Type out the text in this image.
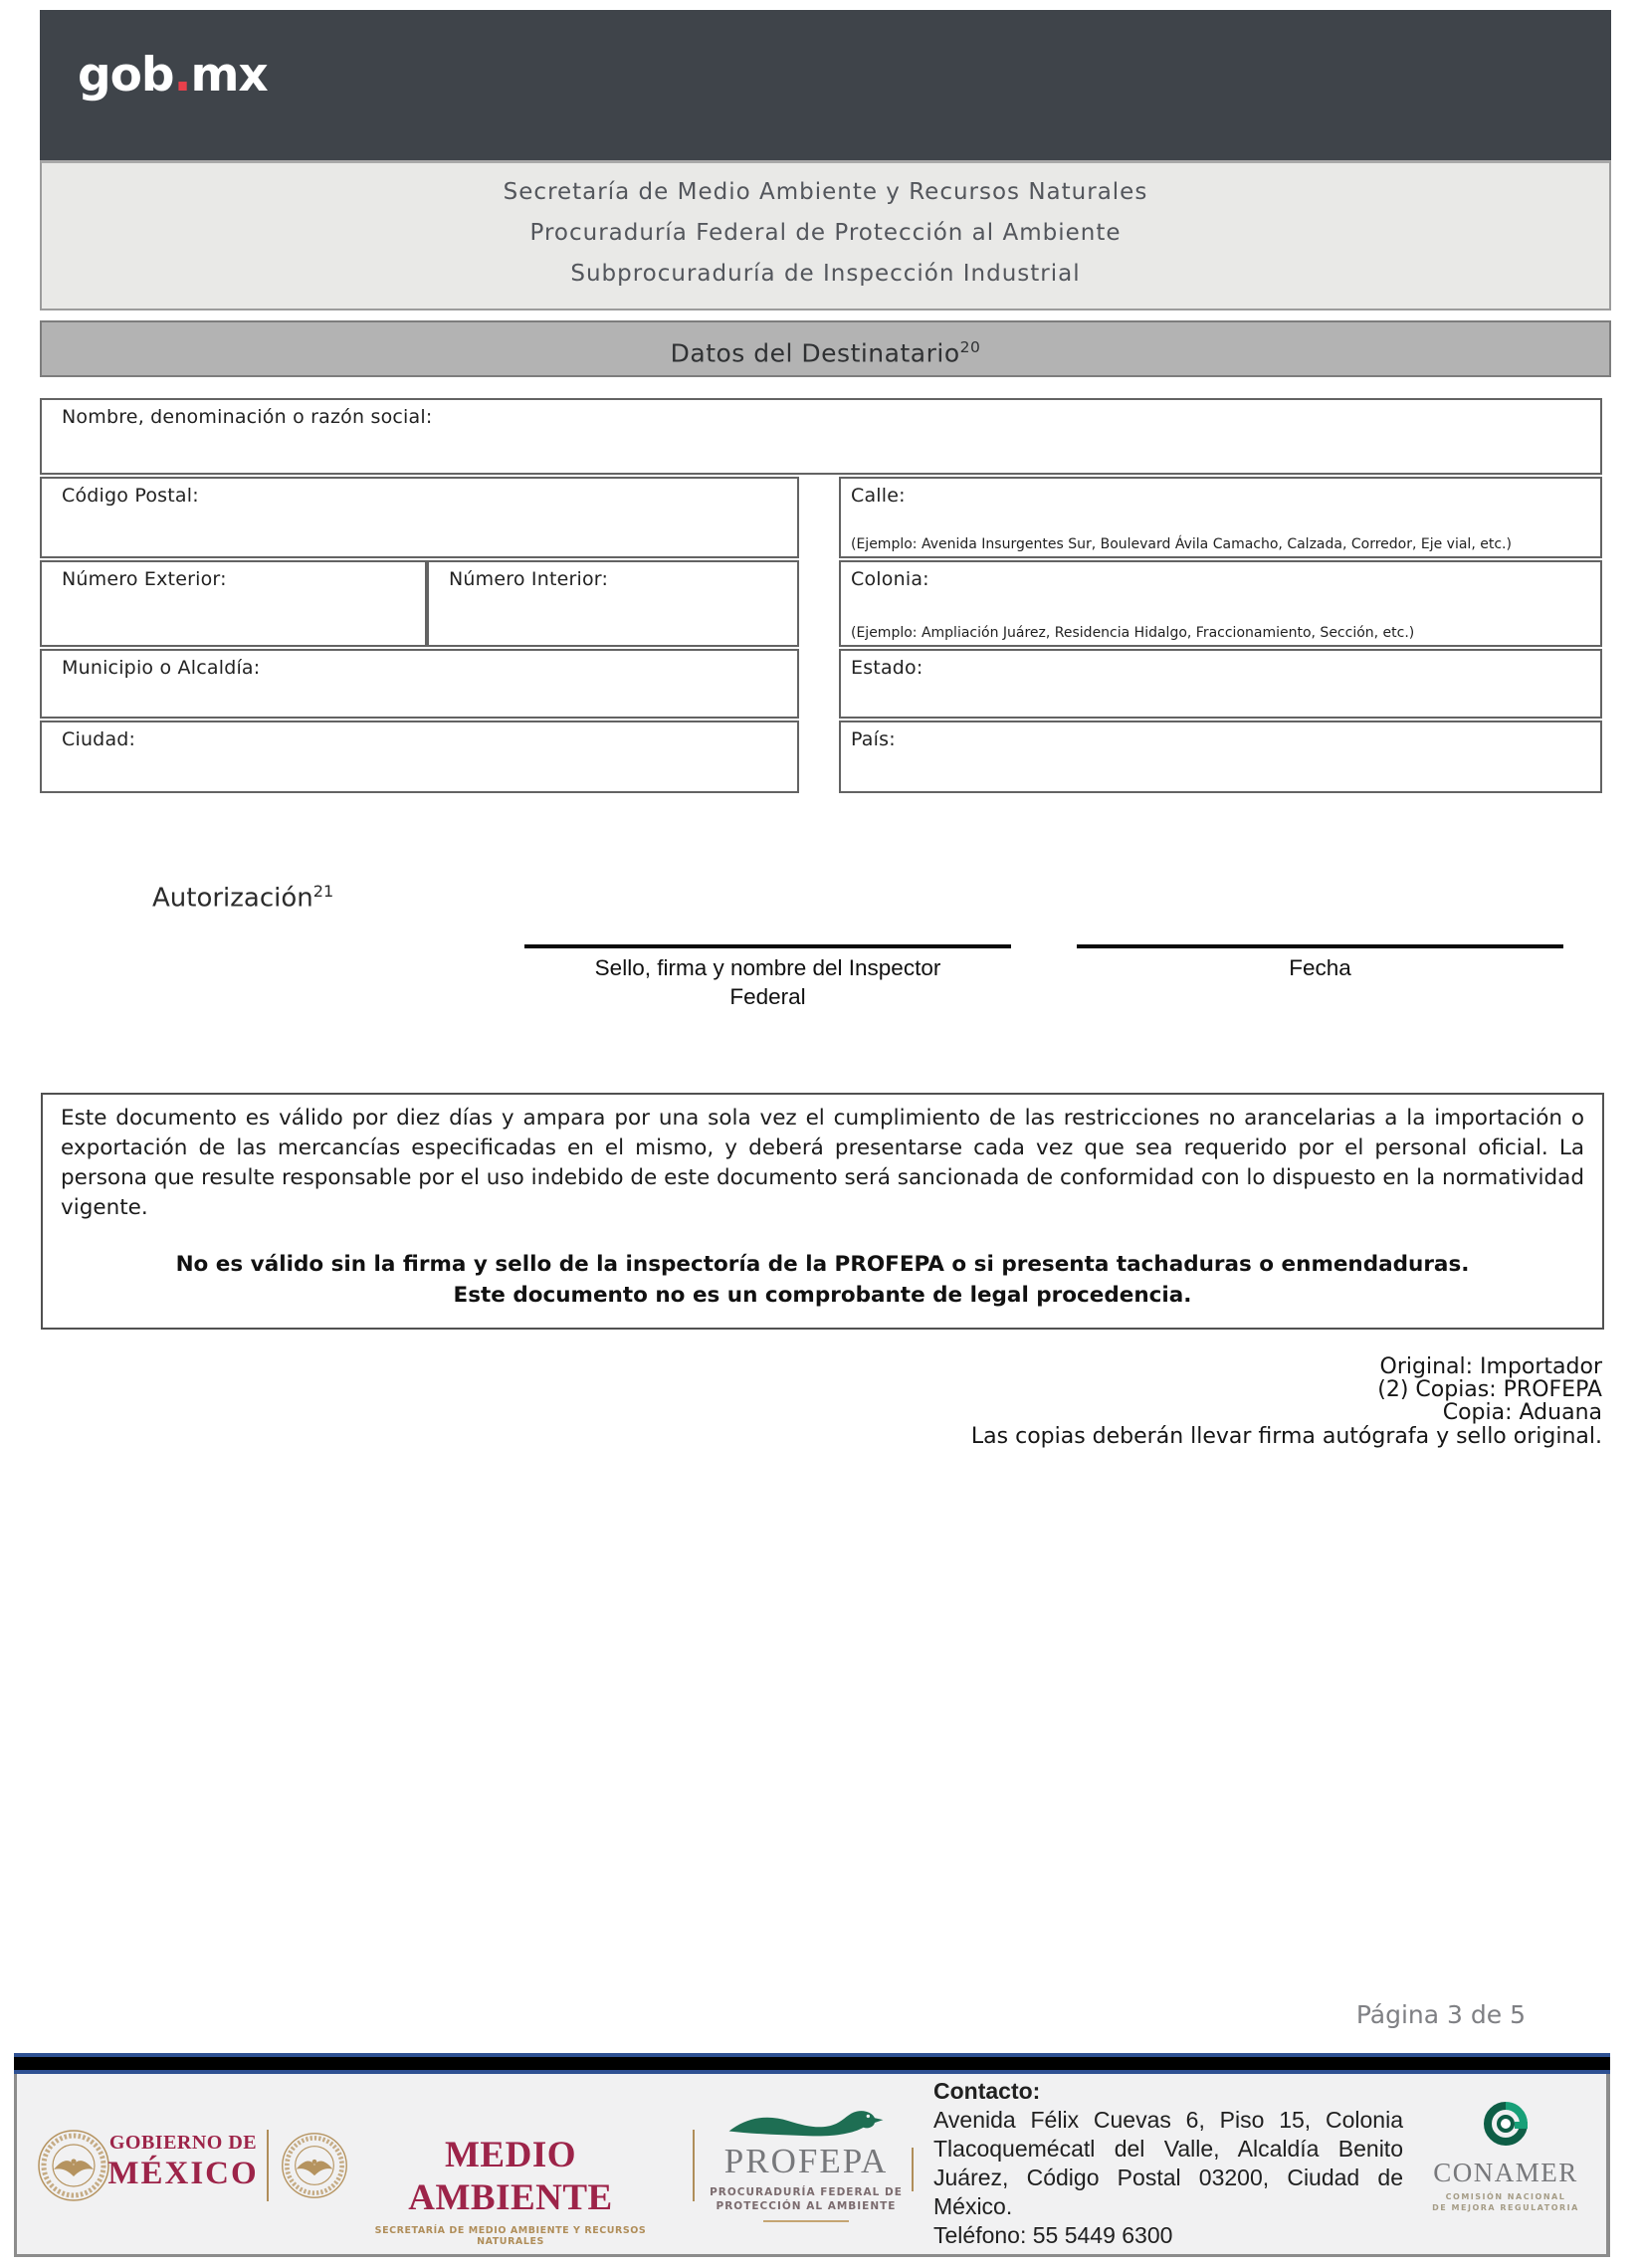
gob.mx
Secretaría de Medio Ambiente y Recursos Naturales
Procuraduría Federal de Protección al Ambiente
Subprocuraduría de Inspección Industrial
Datos del Destinatario$^{20}$
Nombre, denominación o razón social:
Código Postal:	Calle:
(Ejemplo: Avenida Insurgentes Sur, Boulevard Ávila Camacho, Calzada, Corredor, Eje vial, etc.)
Número Exterior:	Número Interior:	Colonia:
(Ejemplo: Ampliación Juárez, Residencia Hidalgo, Fraccionamiento, Sección, etc.)
Municipio o Alcaldía:	Estado:
Ciudad:	País:
Autorización$^{21}$
Sello, firma y nombre del Inspector
Federal
Fecha
Este documento es válido por diez días y ampara por una sola vez el cumplimiento de las restricciones no arancelarias a la importación o exportación de las mercancías especificadas en el mismo, y deberá presentarse cada vez que sea requerido por el personal oficial. La persona que resulte responsable por el uso indebido de este documento será sancionada de conformidad con lo dispuesto en la normatividad vigente.
No es válido sin la firma y sello de la inspectoría de la PROFEPA o si presenta tachaduras o enmendaduras.
Este documento no es un comprobante de legal procedencia.
Original: Importador
(2) Copias: PROFEPA
Copia: Aduana
Las copias deberán llevar firma autógrafa y sello original.
Página 3 de 5
GOBIERNO DE
MÉXICO	MEDIO AMBIENTE
SECRETARÍA DE MEDIO AMBIENTE Y RECURSOS NATURALES
PROFEPA
PROCURADURÍA FEDERAL DE
PROTECCIÓN AL AMBIENTE
Contacto:
Avenida Félix Cuevas 6, Piso 15, Colonia
Tlacoquemécatl del Valle, Alcaldía Benito
Juárez, Código Postal 03200, Ciudad de
México.
Teléfono: 55 5449 6300
CONAMER
COMISIÓN NACIONAL
DE MEJORA REGULATORIA
